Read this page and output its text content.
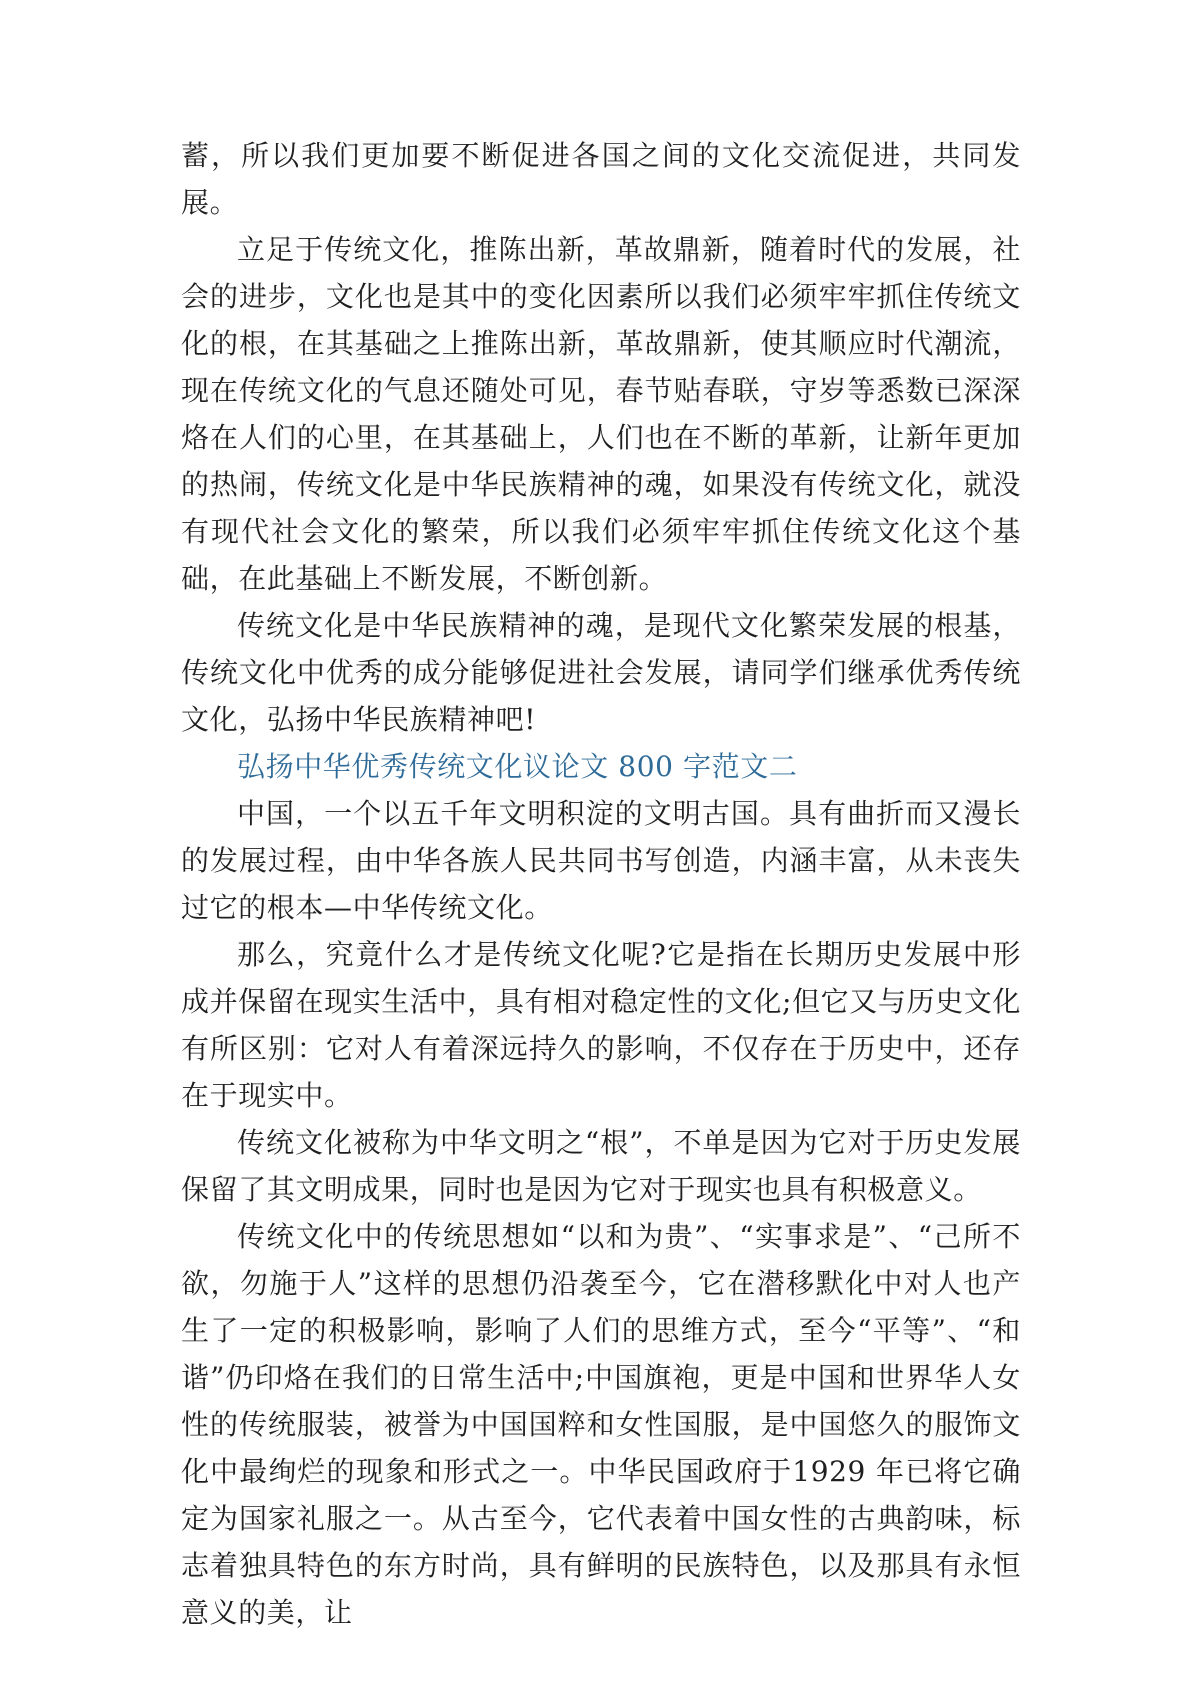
蓄，所以我们更加要不断促进各国之间的文化交流促进，共同发展。

立足于传统文化，推陈出新，革故鼎新，随着时代的发展，社会的进步，文化也是其中的变化因素所以我们必须牢牢抓住传统文化的根，在其基础之上推陈出新，革故鼎新，使其顺应时代潮流，现在传统文化的气息还随处可见，春节贴春联，守岁等悉数已深深烙在人们的心里，在其基础上，人们也在不断的革新，让新年更加的热闹，传统文化是中华民族精神的魂，如果没有传统文化，就没有现代社会文化的繁荣，所以我们必须牢牢抓住传统文化这个基础，在此基础上不断发展，不断创新。

传统文化是中华民族精神的魂，是现代文化繁荣发展的根基，传统文化中优秀的成分能够促进社会发展，请同学们继承优秀传统文化，弘扬中华民族精神吧!

弘扬中华优秀传统文化议论文 800 字范文二

中国，一个以五千年文明积淀的文明古国。具有曲折而又漫长的发展过程，由中华各族人民共同书写创造，内涵丰富，从未丧失过它的根本—中华传统文化。

那么，究竟什么才是传统文化呢?它是指在长期历史发展中形成并保留在现实生活中，具有相对稳定性的文化;但它又与历史文化有所区别：它对人有着深远持久的影响，不仅存在于历史中，还存在于现实中。

传统文化被称为中华文明之“根”，不单是因为它对于历史发展保留了其文明成果，同时也是因为它对于现实也具有积极意义。

传统文化中的传统思想如“以和为贵”、“实事求是”、“己所不欲，勿施于人”这样的思想仍沿袭至今，它在潜移默化中对人也产生了一定的积极影响，影响了人们的思维方式，至今“平等”、“和谐”仍印烙在我们的日常生活中;中国旗袍，更是中国和世界华人女性的传统服装，被誉为中国国粹和女性国服，是中国悠久的服饰文化中最绚烂的现象和形式之一。中华民国政府于1929 年已将它确定为国家礼服之一。从古至今，它代表着中国女性的古典韵味，标志着独具特色的东方时尚，具有鲜明的民族特色，以及那具有永恒意义的美，让
